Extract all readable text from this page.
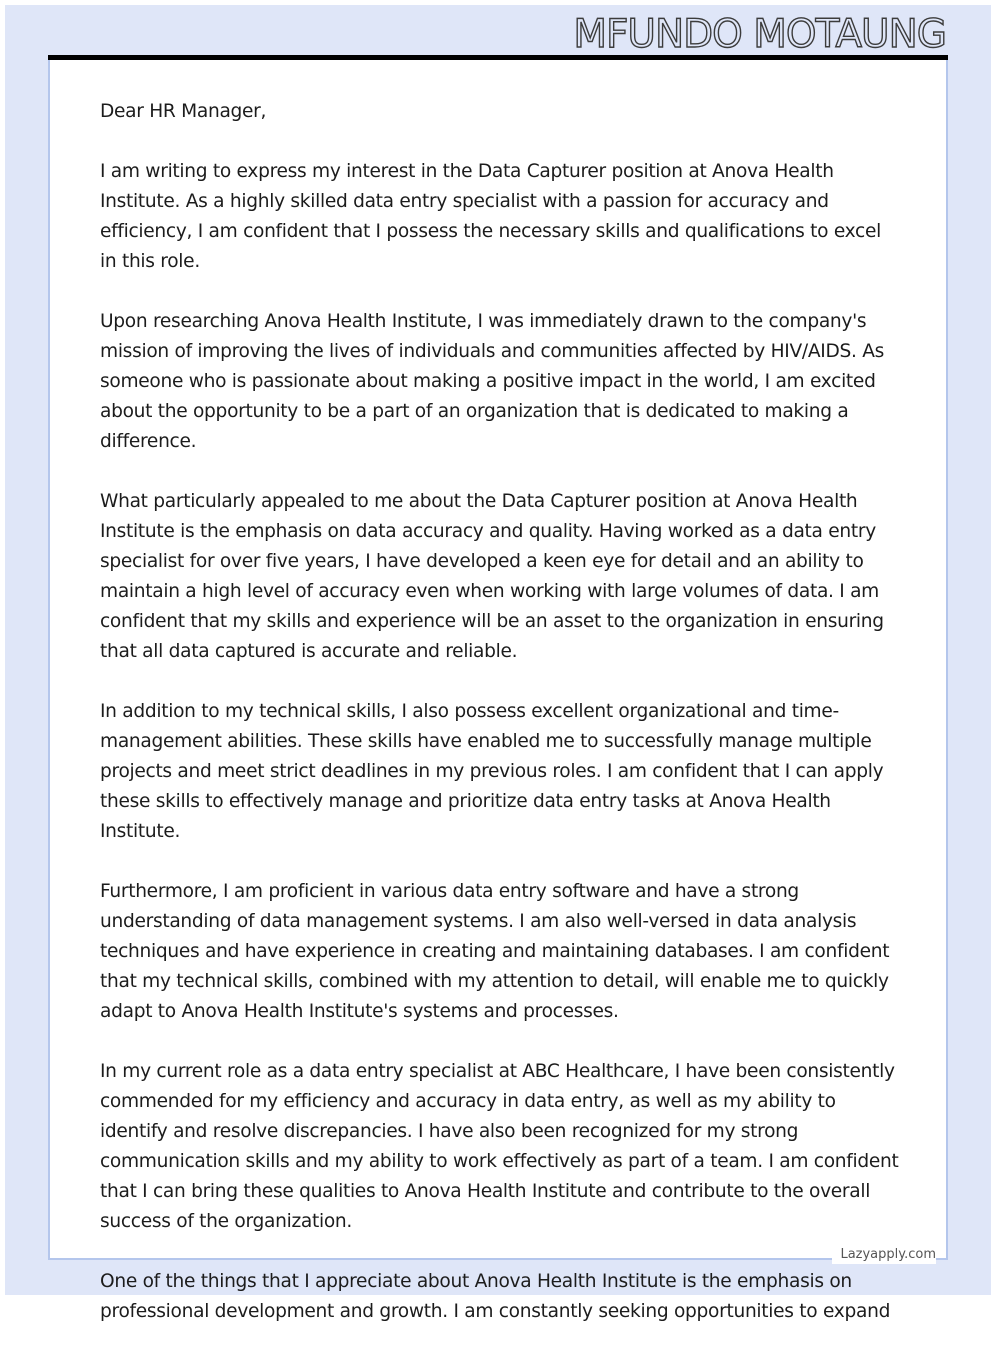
MFUNDO MOTAUNG

Dear HR Manager,

I am writing to express my interest in the Data Capturer position at Anova Health Institute. As a highly skilled data entry specialist with a passion for accuracy and efficiency, I am confident that I possess the necessary skills and qualifications to excel in this role.

Upon researching Anova Health Institute, I was immediately drawn to the company's mission of improving the lives of individuals and communities affected by HIV/AIDS. As someone who is passionate about making a positive impact in the world, I am excited about the opportunity to be a part of an organization that is dedicated to making a difference.

What particularly appealed to me about the Data Capturer position at Anova Health Institute is the emphasis on data accuracy and quality. Having worked as a data entry specialist for over five years, I have developed a keen eye for detail and an ability to maintain a high level of accuracy even when working with large volumes of data. I am confident that my skills and experience will be an asset to the organization in ensuring that all data captured is accurate and reliable.

In addition to my technical skills, I also possess excellent organizational and time-management abilities. These skills have enabled me to successfully manage multiple projects and meet strict deadlines in my previous roles. I am confident that I can apply these skills to effectively manage and prioritize data entry tasks at Anova Health Institute.

Furthermore, I am proficient in various data entry software and have a strong understanding of data management systems. I am also well-versed in data analysis techniques and have experience in creating and maintaining databases. I am confident that my technical skills, combined with my attention to detail, will enable me to quickly adapt to Anova Health Institute's systems and processes.

In my current role as a data entry specialist at ABC Healthcare, I have been consistently commended for my efficiency and accuracy in data entry, as well as my ability to identify and resolve discrepancies. I have also been recognized for my strong communication skills and my ability to work effectively as part of a team. I am confident that I can bring these qualities to Anova Health Institute and contribute to the overall success of the organization.

One of the things that I appreciate about Anova Health Institute is the emphasis on professional development and growth. I am constantly seeking opportunities to expand

Lazyapply.com
